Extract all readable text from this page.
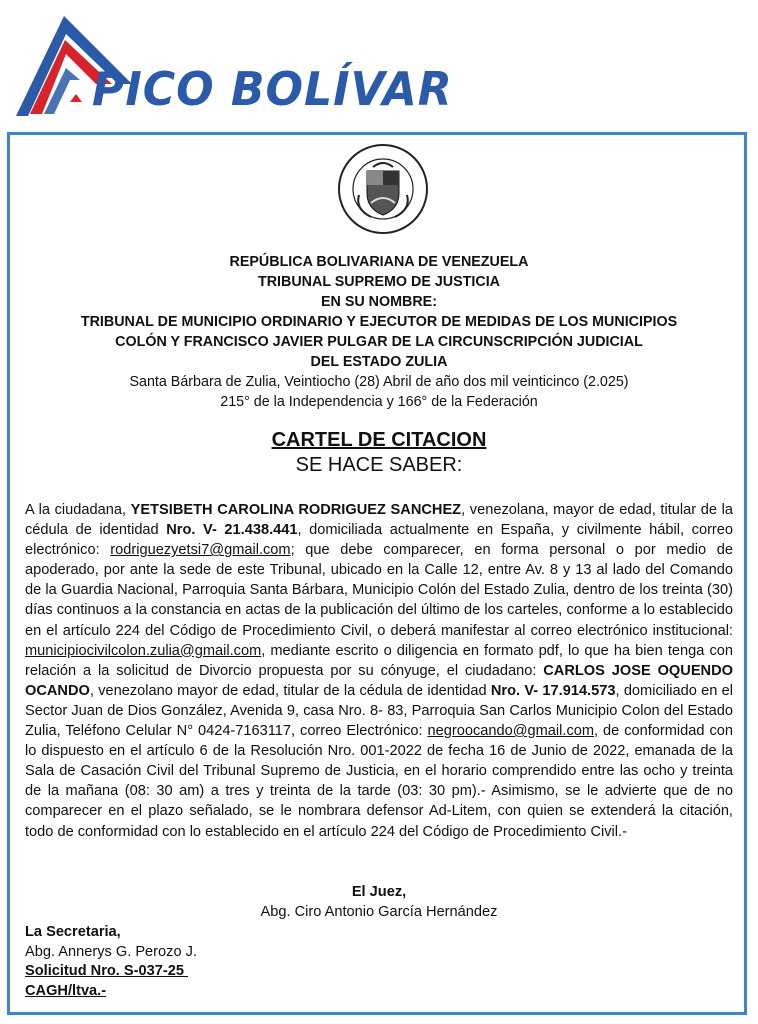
PICO BOLÍVAR
REPÚBLICA BOLIVARIANA DE VENEZUELA
TRIBUNAL SUPREMO DE JUSTICIA
EN SU NOMBRE:
TRIBUNAL DE MUNICIPIO ORDINARIO Y EJECUTOR DE MEDIDAS DE LOS MUNICIPIOS
COLÓN Y FRANCISCO JAVIER PULGAR DE LA CIRCUNSCRIPCIÓN JUDICIAL
DEL ESTADO ZULIA
Santa Bárbara de Zulia, Veintiocho (28) Abril de año dos mil veinticinco (2.025)
215° de la Independencia y 166° de la Federación
CARTEL DE CITACION
SE HACE SABER:
A la ciudadana, YETSIBETH CAROLINA RODRIGUEZ SANCHEZ, venezolana, mayor de edad, titular de la cédula de identidad Nro. V- 21.438.441, domiciliada actualmente en España, y civilmente hábil, correo electrónico: rodriguezyetsi7@gmail.com; que debe comparecer, en forma personal o por medio de apoderado, por ante la sede de este Tribunal, ubicado en la Calle 12, entre Av. 8 y 13 al lado del Comando de la Guardia Nacional, Parroquia Santa Bárbara, Municipio Colón del Estado Zulia, dentro de los treinta (30) días continuos a la constancia en actas de la publicación del último de los carteles, conforme a lo establecido en el artículo 224 del Código de Procedimiento Civil, o deberá manifestar al correo electrónico institucional: municipiocivilcolon.zulia@gmail.com, mediante escrito o diligencia en formato pdf, lo que ha bien tenga con relación a la solicitud de Divorcio propuesta por su cónyuge, el ciudadano: CARLOS JOSE OQUENDO OCANDO, venezolano mayor de edad, titular de la cédula de identidad Nro. V- 17.914.573, domiciliado en el Sector Juan de Dios González, Avenida 9, casa Nro. 8- 83, Parroquia San Carlos Municipio Colon del Estado Zulia, Teléfono Celular N° 0424-7163117, correo Electrónico: negroocando@gmail.com, de conformidad con lo dispuesto en el artículo 6 de la Resolución Nro. 001-2022 de fecha 16 de Junio de 2022, emanada de la Sala de Casación Civil del Tribunal Supremo de Justicia, en el horario comprendido entre las ocho y treinta de la mañana (08: 30 am) a tres y treinta de la tarde (03: 30 pm).- Asimismo, se le advierte que de no comparecer en el plazo señalado, se le nombrara defensor Ad-Litem, con quien se extenderá la citación, todo de conformidad con lo establecido en el artículo 224 del Código de Procedimiento Civil.-
El Juez,
Abg. Ciro Antonio García Hernández
La Secretaria,
Abg. Annerys G. Perozo J.
Solicitud Nro. S-037-25
CAGH/ltva.-
